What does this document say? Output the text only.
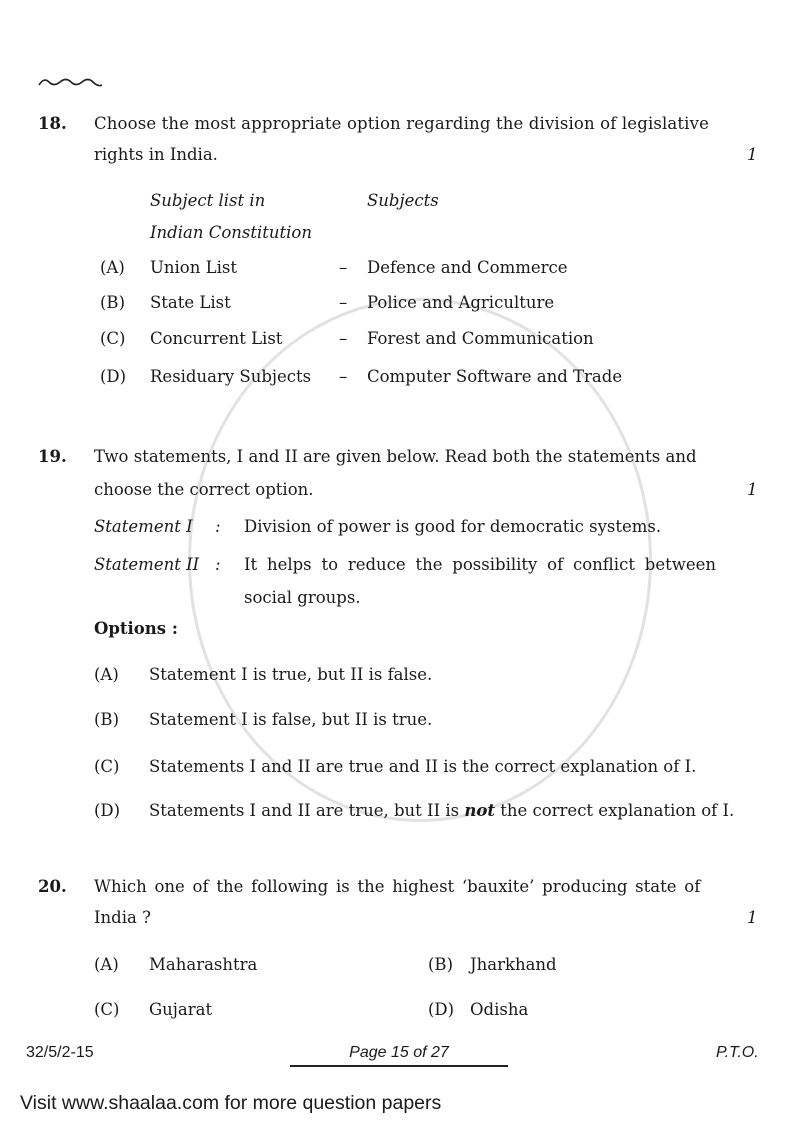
18. Choose the most appropriate option regarding the division of legislative
rights in India.	1
Subject list in
Indian Constitution
Subjects
(A) Union List	– Defence and Commerce
(B) State List	– Police and Agriculture
(C) Concurrent List	– Forest and Communication
(D) Residuary Subjects – Computer Software and Trade
19. Two statements, I and II are given below. Read both the statements and
choose the correct option.	1
Statement I : Division of power is good for democratic systems.
Statement II : It helps to reduce the possibility of conflict between social groups.
Options :
(A) Statement I is true, but II is false.
(B) Statement I is false, but II is true.
(C) Statements I and II are true and II is the correct explanation of I.
(D) Statements I and II are true, but II is not the correct explanation of I.
20. Which one of the following is the highest ‘bauxite’ producing state of
India ?	1
(A) Maharashtra	(B) Jharkhand
(C) Gujarat	(D) Odisha
32/5/2-15	Page 15 of 27	P.T.O.
Visit www.shaalaa.com for more question papers
